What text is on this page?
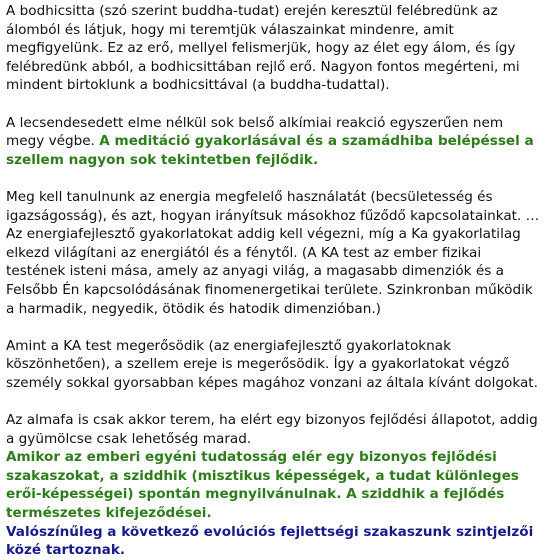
A bodhicsitta (szó szerint buddha-tudat) erején keresztül felébredünk az álomból és látjuk, hogy mi teremtjük válaszainkat mindenre, amit megfigyelünk. Ez az erő, mellyel felismerjük, hogy az élet egy álom, és így felébredünk abból, a bodhicsittában rejlő erő. Nagyon fontos megérteni, mi mindent birtoklunk a bodhicsittával (a buddha-tudattal).

A lecsendesedett elme nélkül sok belső alkímiai reakció egyszerűen nem megy végbe. A meditáció gyakorlásával és a szamádhiba belépéssel a szellem nagyon sok tekintetben fejlődik.

Meg kell tanulnunk az energia megfelelő használatát (becsületesség és igazságosság), és azt, hogyan irányítsuk másokhoz fűződő kapcsolatainkat. …Az energiafejlesztő gyakorlatokat addig kell végezni, míg a Ka gyakorlatilag elkezd világítani az energiától és a fénytől. (A KA test az ember fizikai testének isteni mása, amely az anyagi világ, a magasabb dimenziók és a Felsőbb Én kapcsolódásának finomenergetikai területe. Szinkronban működik a harmadik, negyedik, ötödik és hatodik dimenzióban.)

Amint a KA test megerősödik (az energiafejlesztő gyakorlatoknak köszönhetően), a szellem ereje is megerősödik. Így a gyakorlatokat végző személy sokkal gyorsabban képes magához vonzani az általa kívánt dolgokat.

Az almafa is csak akkor terem, ha elért egy bizonyos fejlődési állapotot, addig a gyümölcse csak lehetőség marad.
Amikor az emberi egyéni tudatosság elér egy bizonyos fejlődési szakaszokat, a sziddhik (misztikus képességek, a tudat különleges erői-képességei) spontán megnyilvánulnak. A sziddhik a fejlődés természetes kifejeződései.
Valószínűleg a következő evolúciós fejlettségi szakaszunk szintjelzői közé tartoznak.
